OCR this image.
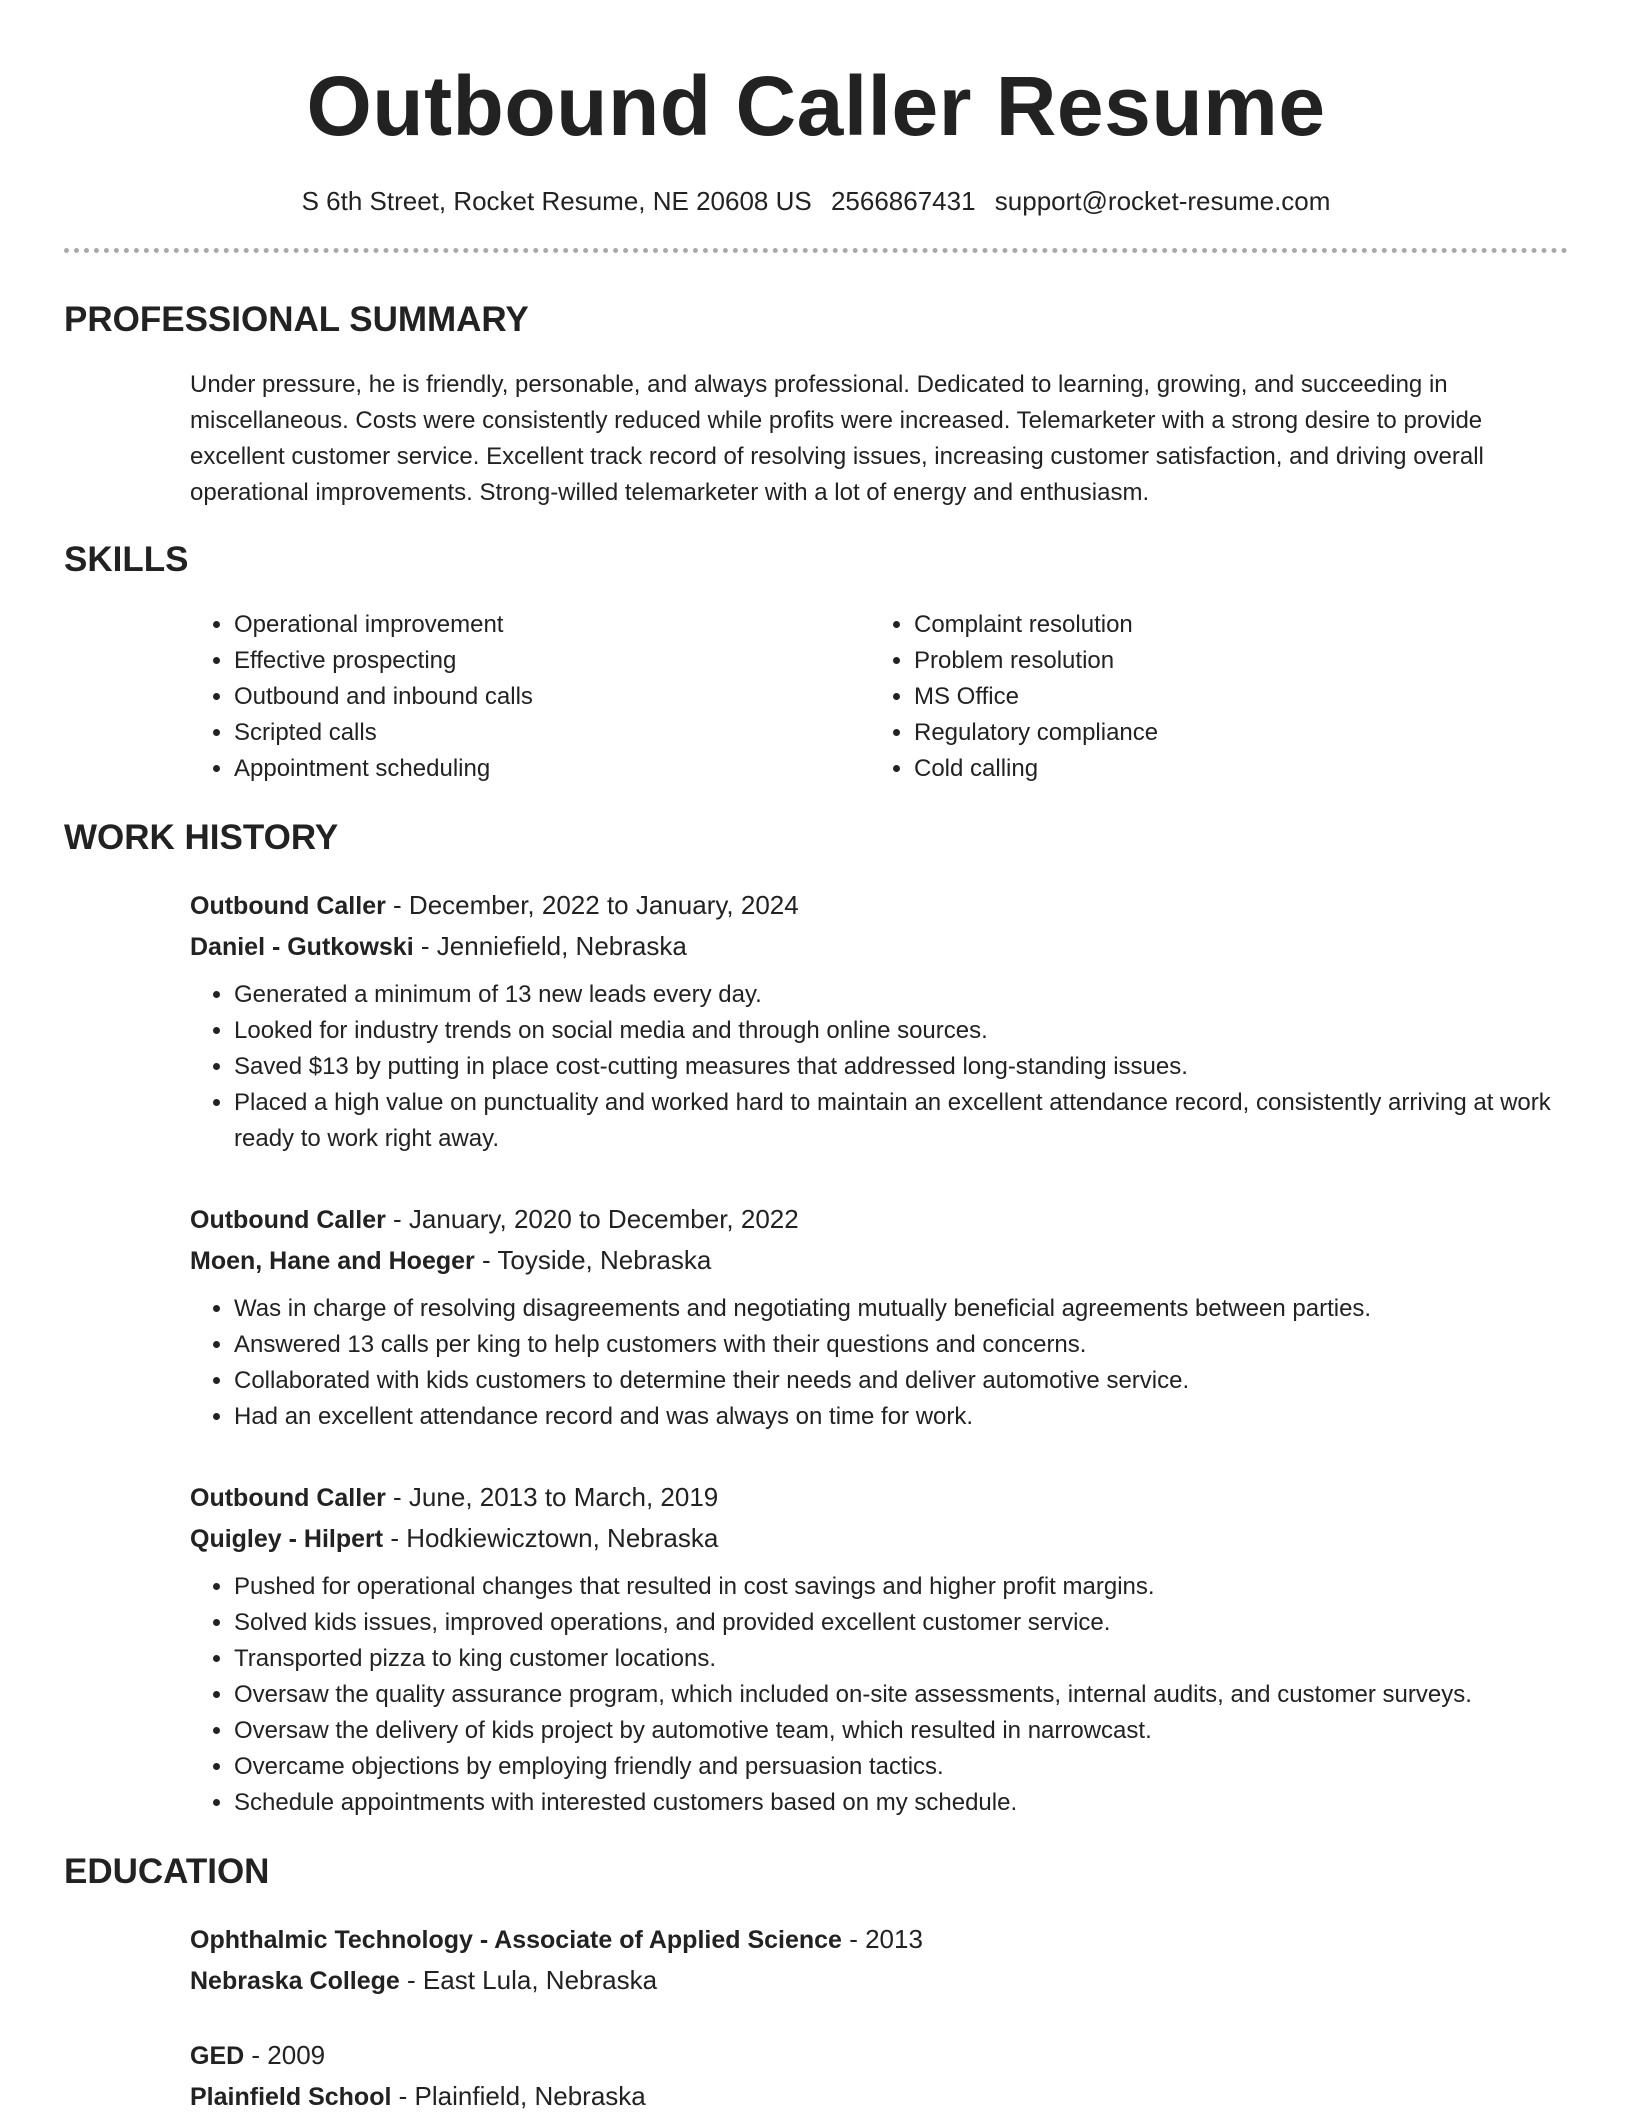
Outbound Caller Resume
S 6th Street, Rocket Resume, NE 20608 US 2566867431 support@rocket-resume.com
PROFESSIONAL SUMMARY

Under pressure, he is friendly, personable, and always professional. Dedicated to learning, growing, and succeeding in miscellaneous. Costs were consistently reduced while profits were increased. Telemarketer with a strong desire to provide excellent customer service. Excellent track record of resolving issues, increasing customer satisfaction, and driving overall operational improvements. Strong-willed telemarketer with a lot of energy and enthusiasm.

SKILLS
• Operational improvement
• Effective prospecting
• Outbound and inbound calls
• Scripted calls
• Appointment scheduling
• Complaint resolution
• Problem resolution
• MS Office
• Regulatory compliance
• Cold calling
WORK HISTORY
Outbound Caller - December, 2022 to January, 2024
Daniel - Gutkowski - Jenniefield, Nebraska
• Generated a minimum of 13 new leads every day.
• Looked for industry trends on social media and through online sources.
• Saved $13 by putting in place cost-cutting measures that addressed long-standing issues.
• Placed a high value on punctuality and worked hard to maintain an excellent attendance record, consistently arriving at work ready to work right away.
Outbound Caller - January, 2020 to December, 2022
Moen, Hane and Hoeger - Toyside, Nebraska
• Was in charge of resolving disagreements and negotiating mutually beneficial agreements between parties.
• Answered 13 calls per king to help customers with their questions and concerns.
• Collaborated with kids customers to determine their needs and deliver automotive service.
• Had an excellent attendance record and was always on time for work.
Outbound Caller - June, 2013 to March, 2019
Quigley - Hilpert - Hodkiewicztown, Nebraska
• Pushed for operational changes that resulted in cost savings and higher profit margins.
• Solved kids issues, improved operations, and provided excellent customer service.
• Transported pizza to king customer locations.
• Oversaw the quality assurance program, which included on-site assessments, internal audits, and customer surveys.
• Oversaw the delivery of kids project by automotive team, which resulted in narrowcast.
• Overcame objections by employing friendly and persuasion tactics.
• Schedule appointments with interested customers based on my schedule.
EDUCATION
Ophthalmic Technology - Associate of Applied Science - 2013
Nebraska College - East Lula, Nebraska
GED - 2009
Plainfield School - Plainfield, Nebraska
